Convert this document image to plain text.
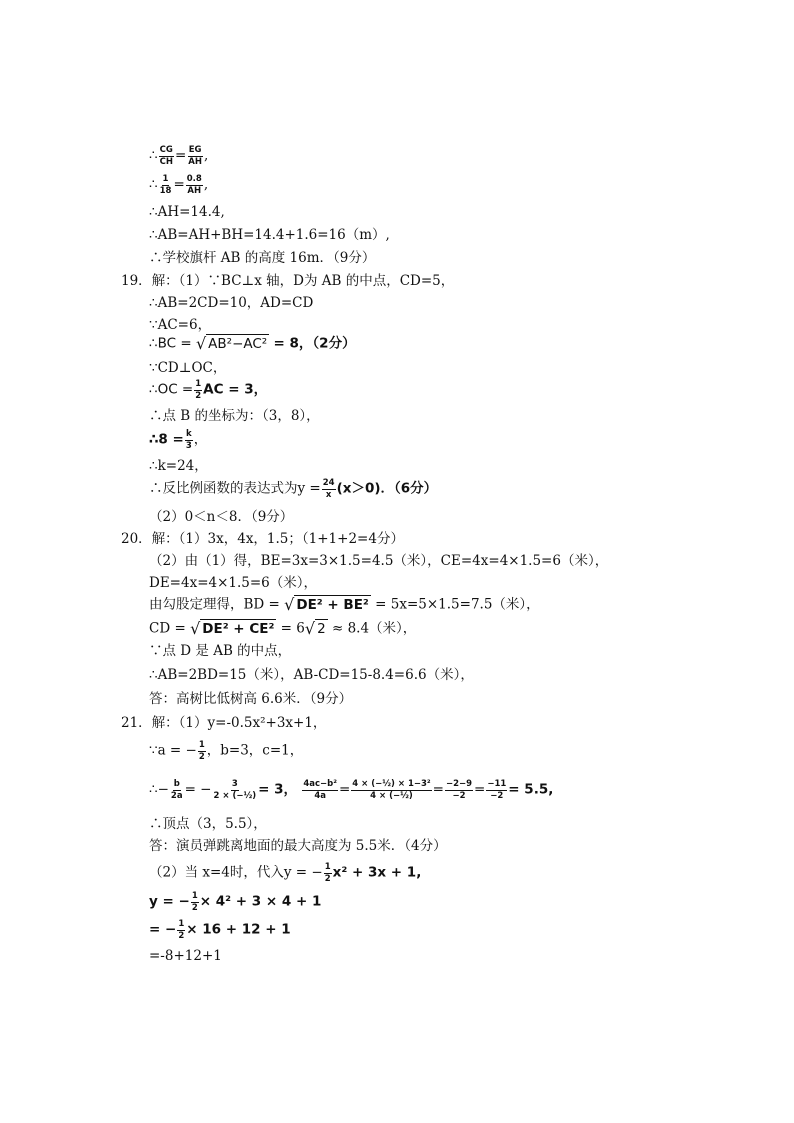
∴ $\frac{CG}{CH} = \frac{EG}{AH}$ ,
∴ $\frac{1}{18} = \frac{0.8}{AH}$ ,
∴AH=14.4,
∴AB=AH+BH=14.4+1.6=16（m）,
∴学校旗杆 AB 的高度 16m．（9分）
19．解：（1）∵BC⊥x 轴，D为 AB 的中点，CD=5，
∴AB=2CD=10，AD=CD
∵AC=6，
∴BC = √ AB²−AC² = 8，（2分）
∵CD⊥OC，
∴OC = $\frac{1}{2}$ AC = 3，
∴点 B 的坐标为：（3，8），
∴8 = $\frac{k}{3}$ ，
∴k=24，
∴反比例函数的表达式为$y = \frac{24}{x} (x>0)$．（6分）
（2）0＜n＜8．（9分）
20．解：（1）3x，4x，1.5；（1+1+2=4分）
（2）由（1）得，BE=3x=3×1.5=4.5（米），CE=4x=4×1.5=6（米），
DE=4x=4×1.5=6（米），
由勾股定理得，BD = √ DE² + BE² = 5x=5×1.5=7.5（米），
CD = √ DE² + CE² = 6√ 2 ≈ 8.4（米），
∵点 D 是 AB 的中点，
∴AB=2BD=15（米），AB-CD=15-8.4=6.6（米），
答：高树比低树高 6.6米．（9分）
21．解：（1）y=-0.5x²+3x+1，
∵a = − $\frac{1}{2}$ ，b=3，c=1，
∴− $\frac{b}{2a}$ = − $\frac{3}{\text{2 × (−½)}} = 3$， $\frac{\text{4ac−b²}}{4a} = \frac{\text{4 × (−½) × 1−3²}}{\text{4 × (−½)}} = \frac{-2-9}{-2} = \frac{-11}{-2} = 5.5$,
∴顶点（3，5.5），
答：演员弹跳离地面的最大高度为 5.5米．（4分）
（2）当 x=4时，代入y = − $\frac{1}{2} x^2 + 3x + 1$,
y = − $\frac{1}{2} \times 4^2 + 3 \times 4 + 1$
= − $\frac{1}{2} \times 16 + 12 + 1$
=-8+12+1
